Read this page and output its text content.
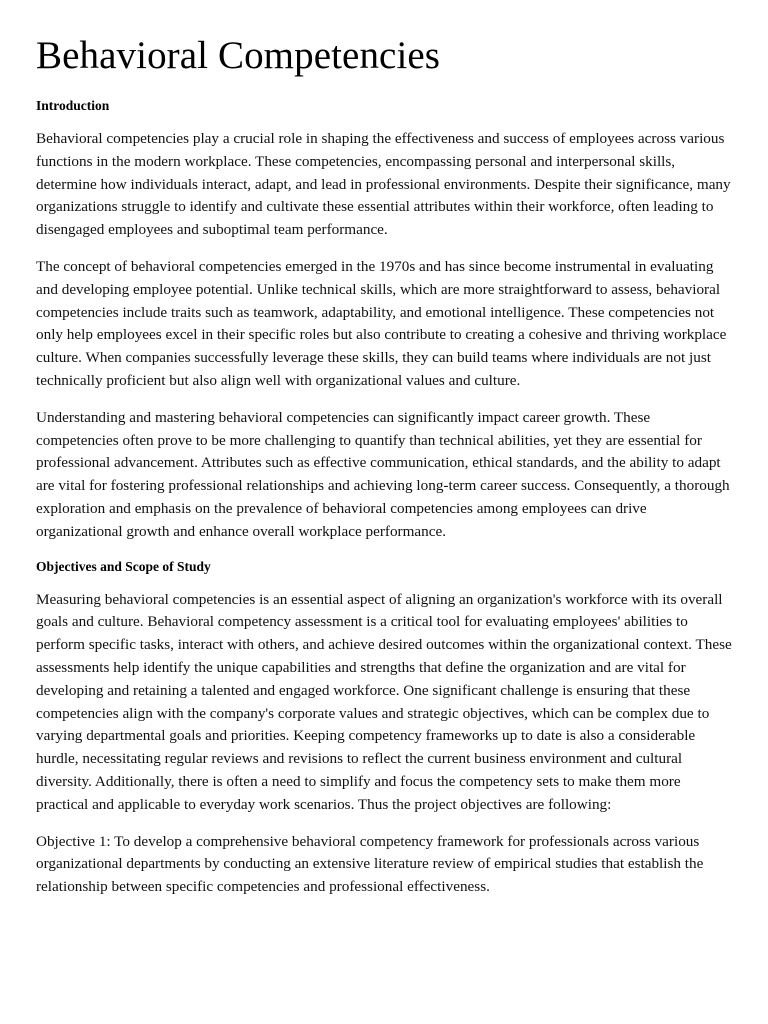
Behavioral Competencies
Introduction

Behavioral competencies play a crucial role in shaping the effectiveness and success of employees across various functions in the modern workplace. These competencies, encompassing personal and interpersonal skills, determine how individuals interact, adapt, and lead in professional environments. Despite their significance, many organizations struggle to identify and cultivate these essential attributes within their workforce, often leading to disengaged employees and suboptimal team performance.

The concept of behavioral competencies emerged in the 1970s and has since become instrumental in evaluating and developing employee potential. Unlike technical skills, which are more straightforward to assess, behavioral competencies include traits such as teamwork, adaptability, and emotional intelligence. These competencies not only help employees excel in their specific roles but also contribute to creating a cohesive and thriving workplace culture. When companies successfully leverage these skills, they can build teams where individuals are not just technically proficient but also align well with organizational values and culture.

Understanding and mastering behavioral competencies can significantly impact career growth. These competencies often prove to be more challenging to quantify than technical abilities, yet they are essential for professional advancement. Attributes such as effective communication, ethical standards, and the ability to adapt are vital for fostering professional relationships and achieving long-term career success. Consequently, a thorough exploration and emphasis on the prevalence of behavioral competencies among employees can drive organizational growth and enhance overall workplace performance.

Objectives and Scope of Study

Measuring behavioral competencies is an essential aspect of aligning an organization's workforce with its overall goals and culture. Behavioral competency assessment is a critical tool for evaluating employees' abilities to perform specific tasks, interact with others, and achieve desired outcomes within the organizational context. These assessments help identify the unique capabilities and strengths that define the organization and are vital for developing and retaining a talented and engaged workforce. One significant challenge is ensuring that these competencies align with the company's corporate values and strategic objectives, which can be complex due to varying departmental goals and priorities. Keeping competency frameworks up to date is also a considerable hurdle, necessitating regular reviews and revisions to reflect the current business environment and cultural diversity. Additionally, there is often a need to simplify and focus the competency sets to make them more practical and applicable to everyday work scenarios. Thus the project objectives are following:

Objective 1: To develop a comprehensive behavioral competency framework for professionals across various organizational departments by conducting an extensive literature review of empirical studies that establish the relationship between specific competencies and professional effectiveness.
